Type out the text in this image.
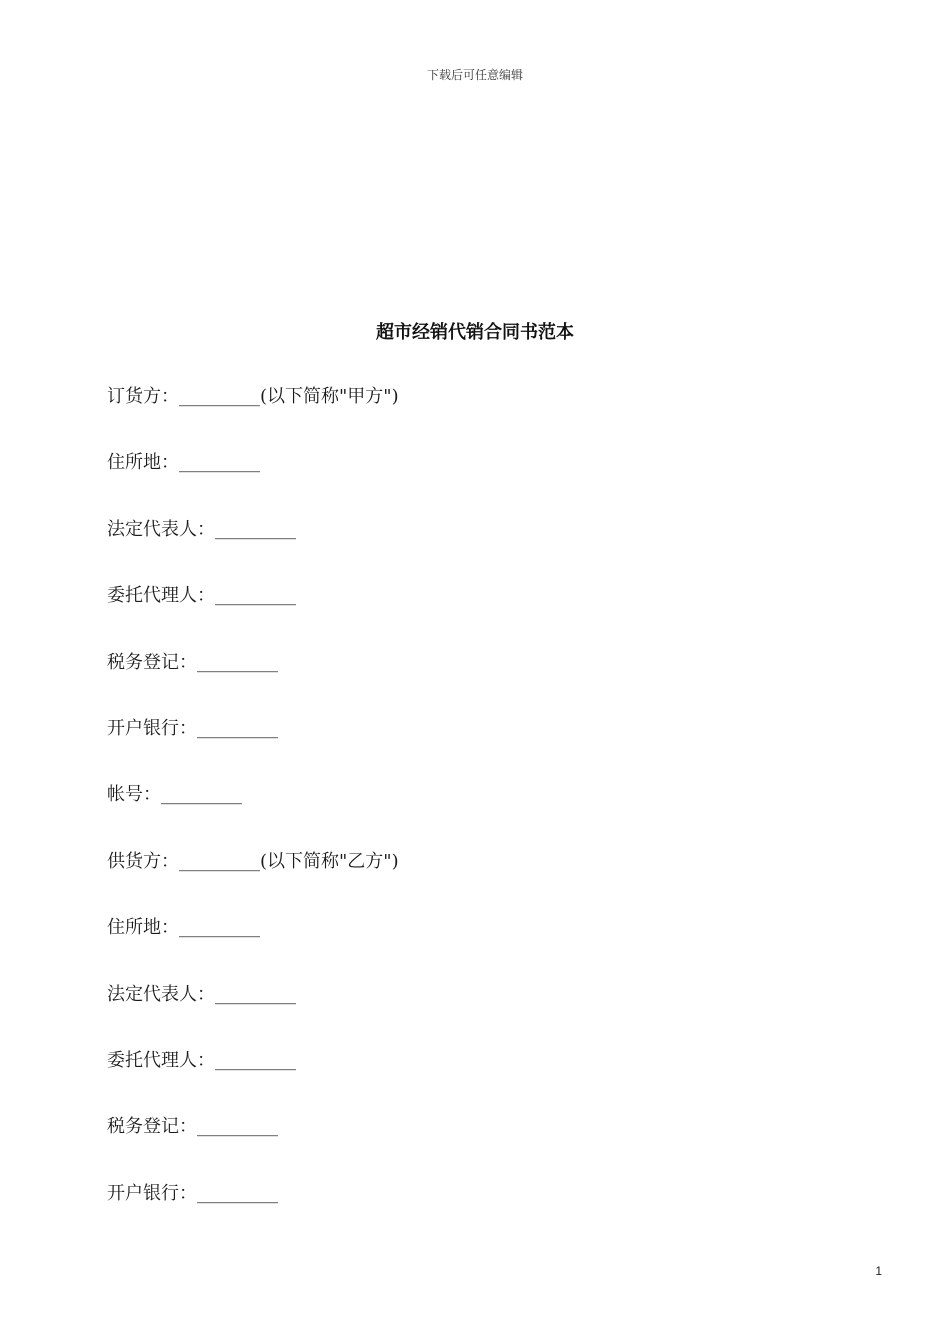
下载后可任意编辑
超市经销代销合同书范本
订货方：_________(以下简称"甲方")
住所地：_________
法定代表人：_________
委托代理人：_________
税务登记：_________
开户银行：_________
帐号：_________
供货方：_________(以下简称"乙方")
住所地：_________
法定代表人：_________
委托代理人：_________
税务登记：_________
开户银行：_________
1
